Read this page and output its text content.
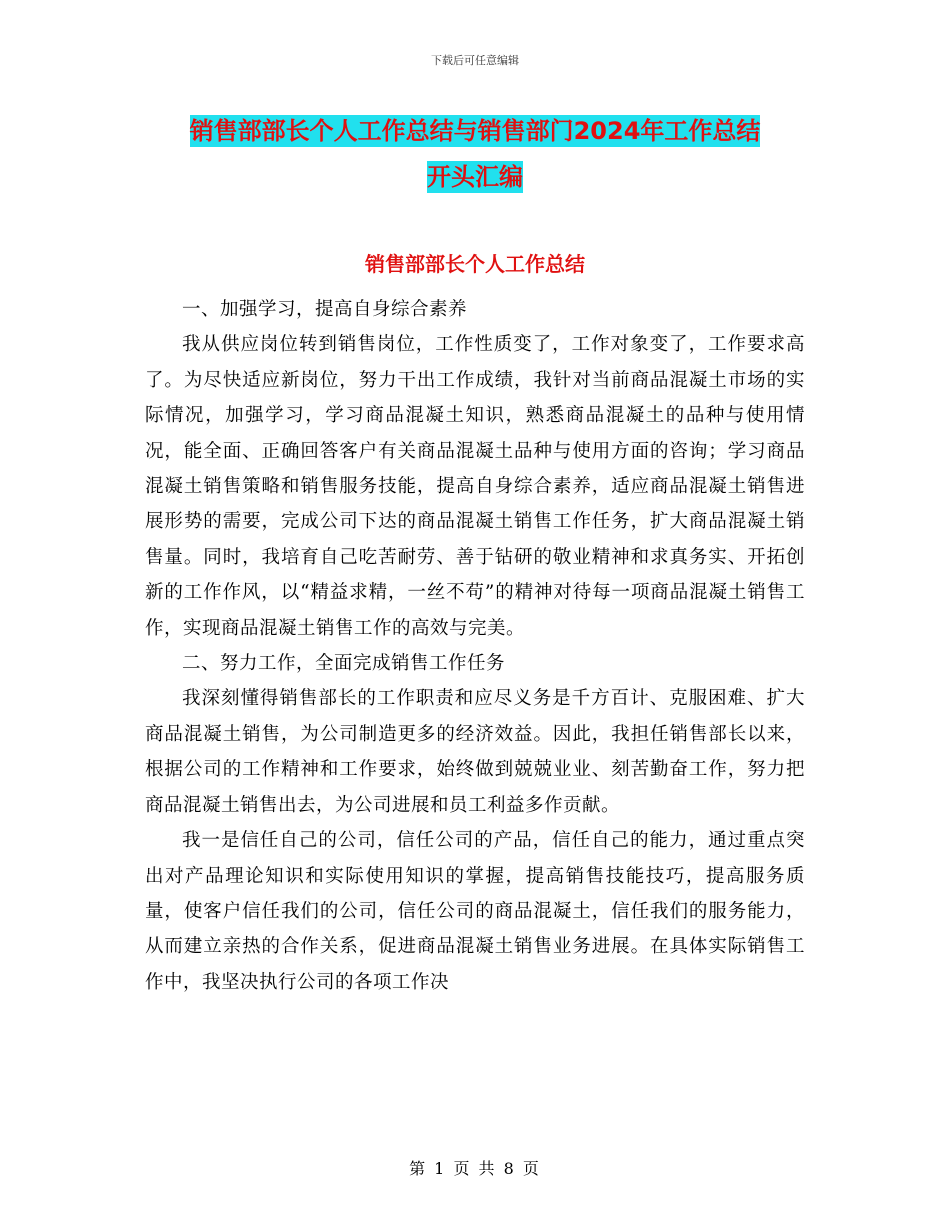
下载后可任意编辑
销售部部长个人工作总结与销售部门2024年工作总结
开头汇编
销售部部长个人工作总结

一、加强学习，提高自身综合素养

我从供应岗位转到销售岗位，工作性质变了，工作对象变了，工作要求高了。为尽快适应新岗位，努力干出工作成绩，我针对当前商品混凝土市场的实际情况，加强学习，学习商品混凝土知识，熟悉商品混凝土的品种与使用情况，能全面、正确回答客户有关商品混凝土品种与使用方面的咨询；学习商品混凝土销售策略和销售服务技能，提高自身综合素养，适应商品混凝土销售进展形势的需要，完成公司下达的商品混凝土销售工作任务，扩大商品混凝土销售量。同时，我培育自己吃苦耐劳、善于钻研的敬业精神和求真务实、开拓创新的工作作风，以“精益求精，一丝不苟”的精神对待每一项商品混凝土销售工作，实现商品混凝土销售工作的高效与完美。

二、努力工作，全面完成销售工作任务

我深刻懂得销售部长的工作职责和应尽义务是千方百计、克服困难、扩大商品混凝土销售，为公司制造更多的经济效益。因此，我担任销售部长以来，根据公司的工作精神和工作要求，始终做到兢兢业业、刻苦勤奋工作，努力把商品混凝土销售出去，为公司进展和员工利益多作贡献。

我一是信任自己的公司，信任公司的产品，信任自己的能力，通过重点突出对产品理论知识和实际使用知识的掌握，提高销售技能技巧，提高服务质量，使客户信任我们的公司，信任公司的商品混凝土，信任我们的服务能力，从而建立亲热的合作关系，促进商品混凝土销售业务进展。在具体实际销售工作中，我坚决执行公司的各项工作决

第 1 页 共 8 页
